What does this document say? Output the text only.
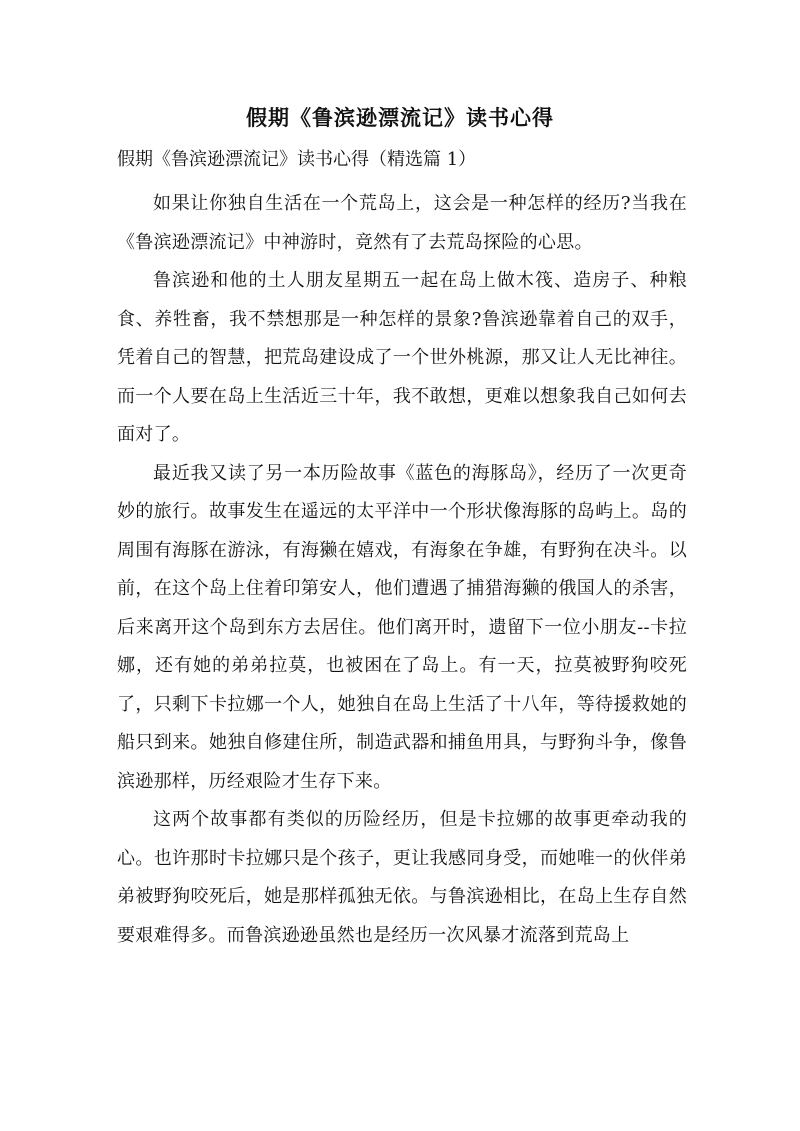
假期《鲁滨逊漂流记》读书心得

假期《鲁滨逊漂流记》读书心得（精选篇 1）

如果让你独自生活在一个荒岛上，这会是一种怎样的经历?当我在《鲁滨逊漂流记》中神游时，竟然有了去荒岛探险的心思。

鲁滨逊和他的土人朋友星期五一起在岛上做木筏、造房子、种粮食、养牲畜，我不禁想那是一种怎样的景象?鲁滨逊靠着自己的双手，凭着自己的智慧，把荒岛建设成了一个世外桃源，那又让人无比神往。而一个人要在岛上生活近三十年，我不敢想，更难以想象我自己如何去面对了。

最近我又读了另一本历险故事《蓝色的海豚岛》，经历了一次更奇妙的旅行。故事发生在遥远的太平洋中一个形状像海豚的岛屿上。岛的周围有海豚在游泳，有海獭在嬉戏，有海象在争雄，有野狗在决斗。以前，在这个岛上住着印第安人，他们遭遇了捕猎海獭的俄国人的杀害，后来离开这个岛到东方去居住。他们离开时，遗留下一位小朋友--卡拉娜，还有她的弟弟拉莫，也被困在了岛上。有一天，拉莫被野狗咬死了，只剩下卡拉娜一个人，她独自在岛上生活了十八年，等待援救她的船只到来。她独自修建住所，制造武器和捕鱼用具，与野狗斗争，像鲁滨逊那样，历经艰险才生存下来。

这两个故事都有类似的历险经历，但是卡拉娜的故事更牵动我的心。也许那时卡拉娜只是个孩子，更让我感同身受，而她唯一的伙伴弟弟被野狗咬死后，她是那样孤独无依。与鲁滨逊相比，在岛上生存自然要艰难得多。而鲁滨逊逊虽然也是经历一次风暴才流落到荒岛上
